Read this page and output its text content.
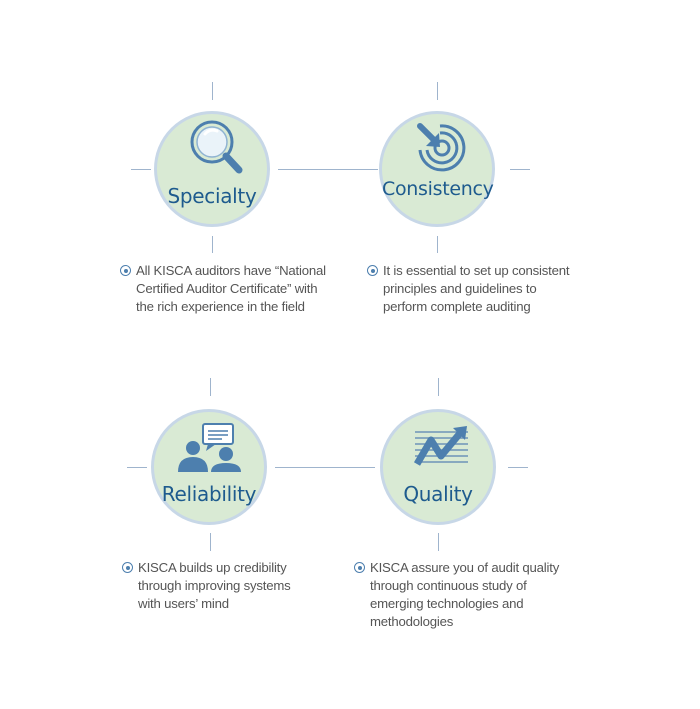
Specialty
All KISCA auditors have “National
Certified Auditor Certificate” with
the rich experience in the field
Consistency
It is essential to set up consistent
principles and guidelines to
perform complete auditing
Reliability
KISCA builds up credibility
through improving systems
with users’ mind
Quality
KISCA assure you of audit quality
through continuous study of
emerging technologies and
methodologies
